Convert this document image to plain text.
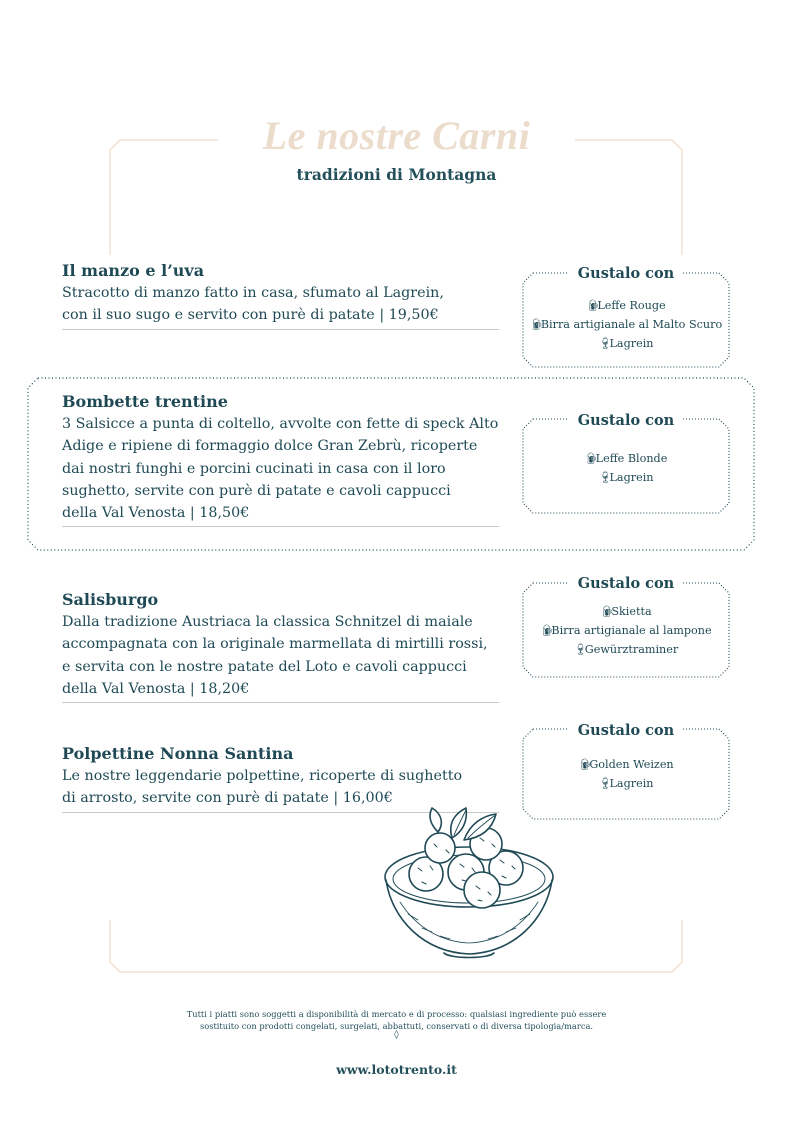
Le nostre Carni
tradizioni di Montagna
Il manzo e l’uva
Stracotto di manzo fatto in casa, sfumato al Lagrein,
con il suo sugo e servito con purè di patate | 19,50€
Bombette trentine
3 Salsicce a punta di coltello, avvolte con fette di speck Alto
Adige e ripiene di formaggio dolce Gran Zebrù, ricoperte
dai nostri funghi e porcini cucinati in casa con il loro
sughetto, servite con purè di patate e cavoli cappucci
della Val Venosta | 18,50€
Salisburgo
Dalla tradizione Austriaca la classica Schnitzel di maiale
accompagnata con la originale marmellata di mirtilli rossi,
e servita con le nostre patate del Loto e cavoli cappucci
della Val Venosta | 18,20€
Polpettine Nonna Santina
Le nostre leggendarie polpettine, ricoperte di sughetto
di arrosto, servite con purè di patate | 16,00€
Gustalo con
🍺︎Leffe Rouge
🍺︎Birra artigianale al Malto Scuro
🍷︎Lagrein
Gustalo con
🍺︎Leffe Blonde
🍷︎Lagrein
Gustalo con
🍺︎Skietta
🍺︎Birra artigianale al lampone
🍷︎Gewürztraminer
Gustalo con
🍺︎Golden Weizen
🍷︎Lagrein
Tutti i piatti sono soggetti a disponibilità di mercato e di processo: qualsiasi ingrediente può essere
sostituito con prodotti congelati, surgelati, abbattuti, conservati o di diversa tipologia/marca.
◊
www.lototrento.it
